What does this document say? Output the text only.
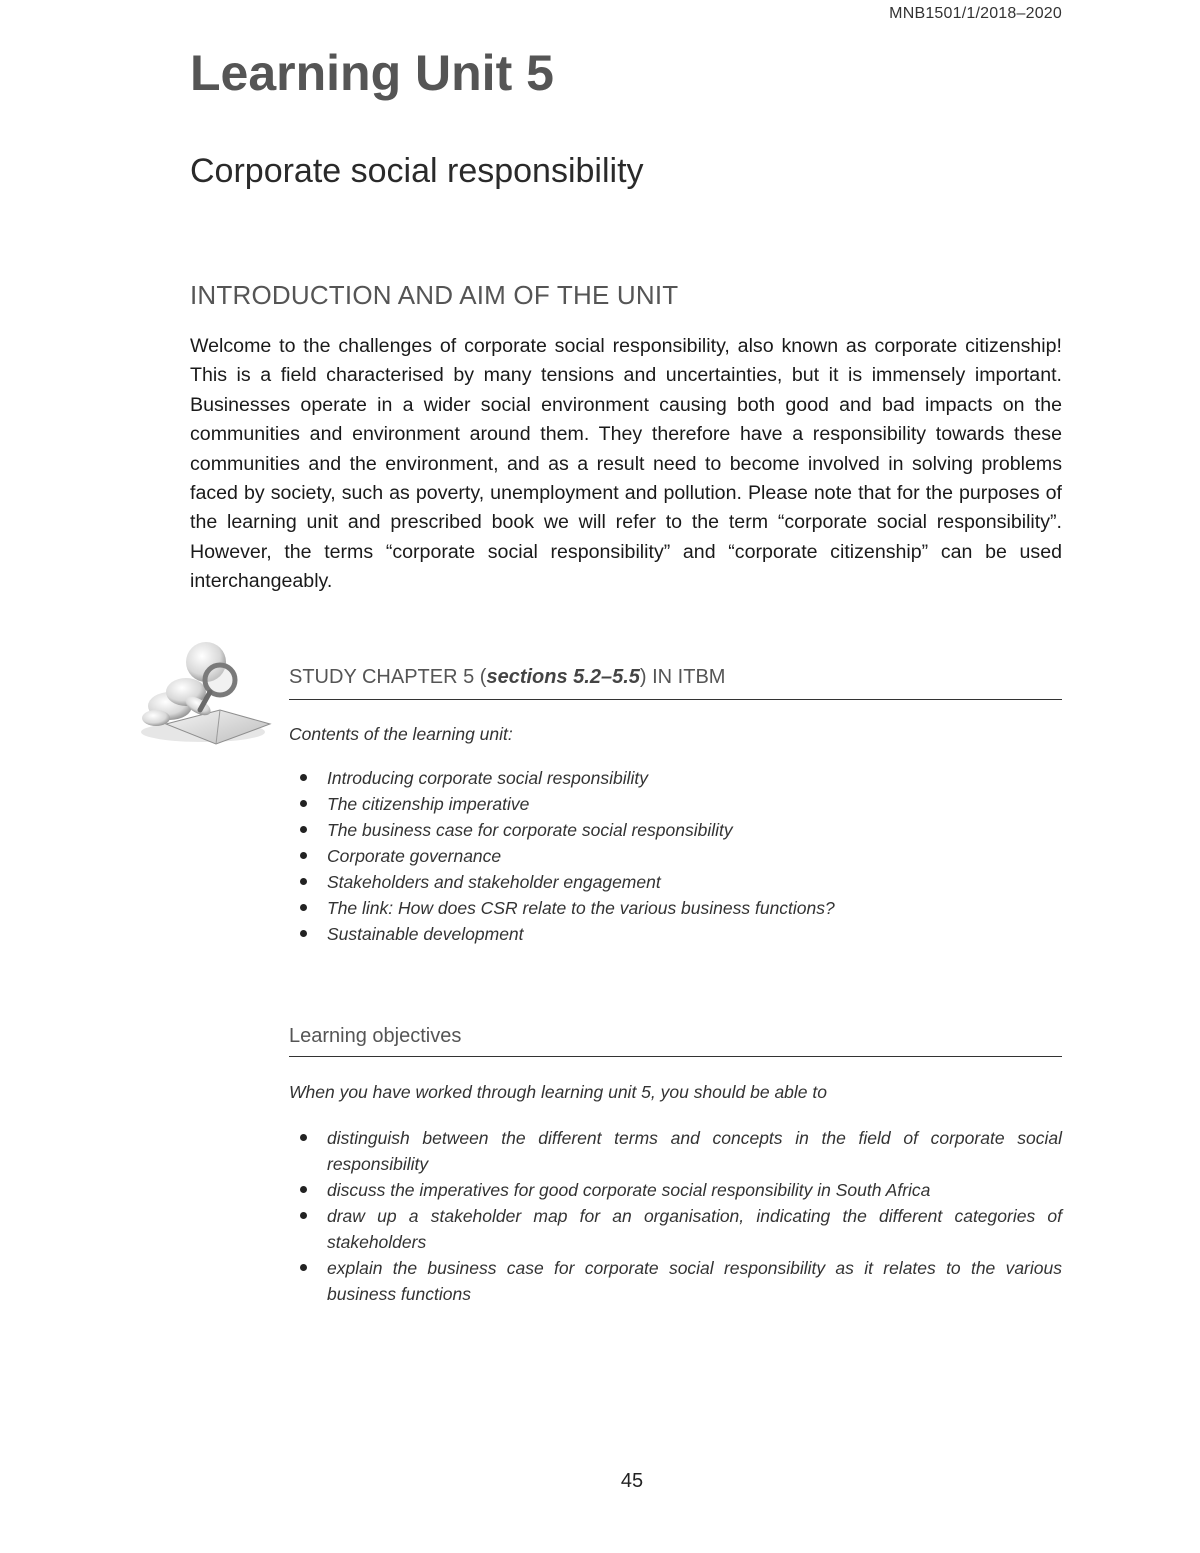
MNB1501/1/2018–2020
Learning Unit 5
Corporate social responsibility
INTRODUCTION AND AIM OF THE UNIT

Welcome to the challenges of corporate social responsibility, also known as corporate citizenship! This is a field characterised by many tensions and uncertainties, but it is immensely important. Businesses operate in a wider social environment causing both good and bad impacts on the communities and environment around them. They therefore have a responsibility towards these communities and the environment, and as a result need to become involved in solving problems faced by society, such as poverty, unemployment and pollution. Please note that for the purposes of the learning unit and prescribed book we will refer to the term “corporate social responsibility”. However, the terms “corporate social responsibility” and “corporate citizenship” can be used interchangeably.

STUDY CHAPTER 5 (sections 5.2–5.5) IN ITBM

Contents of the learning unit:

Introducing corporate social responsibility
The citizenship imperative
The business case for corporate social responsibility
Corporate governance
Stakeholders and stakeholder engagement
The link: How does CSR relate to the various business functions?
Sustainable development
Learning objectives

When you have worked through learning unit 5, you should be able to

distinguish between the different terms and concepts in the field of corporate social responsibility
discuss the imperatives for good corporate social responsibility in South Africa
draw up a stakeholder map for an organisation, indicating the different categories of stakeholders
explain the business case for corporate social responsibility as it relates to the various business functions
45
